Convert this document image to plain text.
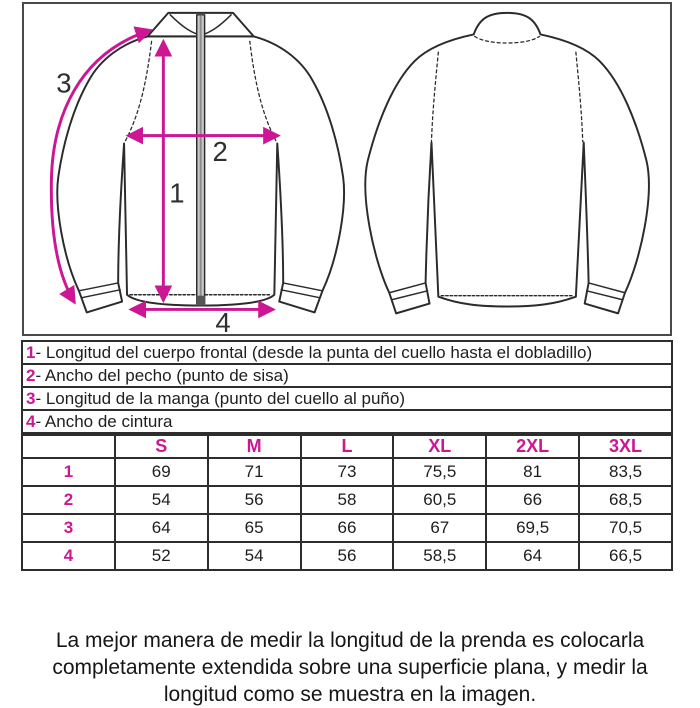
1
2
3
4
1- Longitud del cuerpo frontal (desde la punta del cuello hasta el dobladillo)
2- Ancho del pecho (punto de sisa)
3- Longitud de la manga (punto del cuello al puño)
4- Ancho de cintura
	S	M	L	XL	2XL	3XL
1	69	71	73	75,5	81	83,5
2	54	56	58	60,5	66	68,5
3	64	65	66	67	69,5	70,5
4	52	54	56	58,5	64	66,5
La mejor manera de medir la longitud de la prenda es colocarla completamente extendida sobre una superficie plana, y medir la longitud como se muestra en la imagen.
